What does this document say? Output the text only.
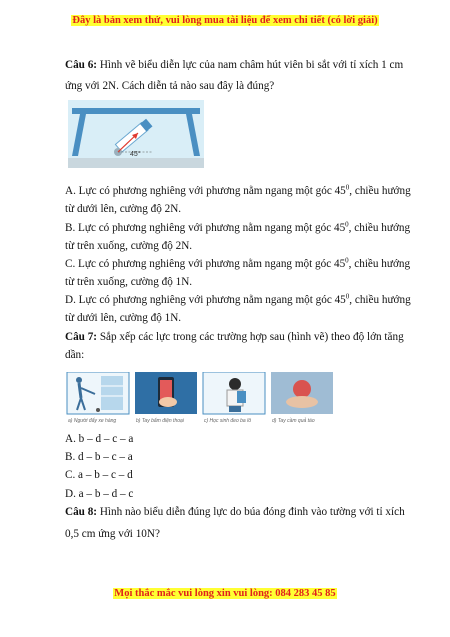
Đây là bản xem thử, vui lòng mua tài liệu để xem chi tiết (có lời giải)
Câu 6: Hình vẽ biểu diễn lực của nam châm hút viên bi sắt với tỉ xích 1 cm
ứng với 2N. Cách diễn tả nào sau đây là đúng?
45°
A. Lực có phương nghiêng với phương nằm ngang một góc $45^0$, chiều hướng
từ dưới lên, cường độ 2N.
B. Lực có phương nghiêng với phương nằm ngang một góc $45^0$, chiều hướng
từ trên xuống, cường độ 2N.
C. Lực có phương nghiêng với phương nằm ngang một góc $45^0$, chiều hướng
từ trên xuống, cường độ 1N.
D. Lực có phương nghiêng với phương nằm ngang một góc $45^0$, chiều hướng
từ dưới lên, cường độ 1N.
Câu 7: Sắp xếp các lực trong các trường hợp sau (hình vẽ) theo độ lớn tăng
dần:
a) Người đẩy xe hàng	b) Tay bấm điện thoại	c) Học sinh đeo ba lô	d) Tay cầm quả táo
A. b – d – c – a
B. d – b – c – a
C. a – b – c – d
D. a – b – d – c
Câu 8: Hình nào biểu diễn đúng lực do búa đóng đinh vào tường với tỉ xích
0,5 cm ứng với 10N?
Mọi thắc mắc vui lòng xin vui lòng: 084 283 45 85
